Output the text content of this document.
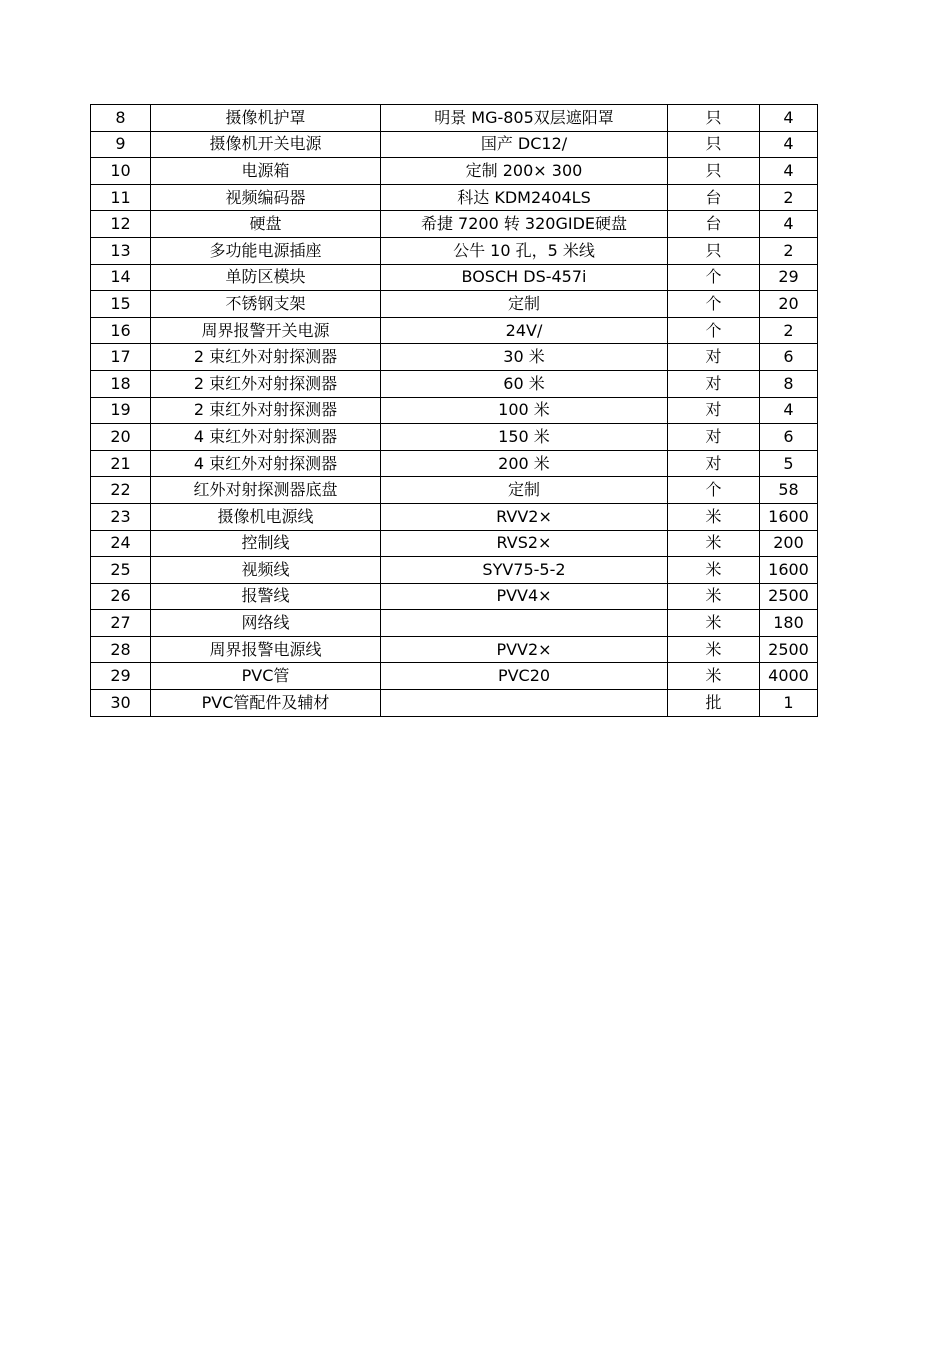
8	摄像机护罩	明景 MG-805双层遮阳罩	只	4
9	摄像机开关电源	国产 DC12/	只	4
10	电源箱	定制 200× 300	只	4
11	视频编码器	科达 KDM2404LS	台	2
12	硬盘	希捷 7200 转 320GIDE硬盘	台	4
13	多功能电源插座	公牛 10 孔，5 米线	只	2
14	单防区模块	BOSCH DS-457i	个	29
15	不锈钢支架	定制	个	20
16	周界报警开关电源	24V/	个	2
17	2 束红外对射探测器	30 米	对	6
18	2 束红外对射探测器	60 米	对	8
19	2 束红外对射探测器	100 米	对	4
20	4 束红外对射探测器	150 米	对	6
21	4 束红外对射探测器	200 米	对	5
22	红外对射探测器底盘	定制	个	58
23	摄像机电源线	RVV2×	米	1600
24	控制线	RVS2×	米	200
25	视频线	SYV75-5-2	米	1600
26	报警线	PVV4×	米	2500
27	网络线		米	180
28	周界报警电源线	PVV2×	米	2500
29	PVC管	PVC20	米	4000
30	PVC管配件及辅材		批	1
